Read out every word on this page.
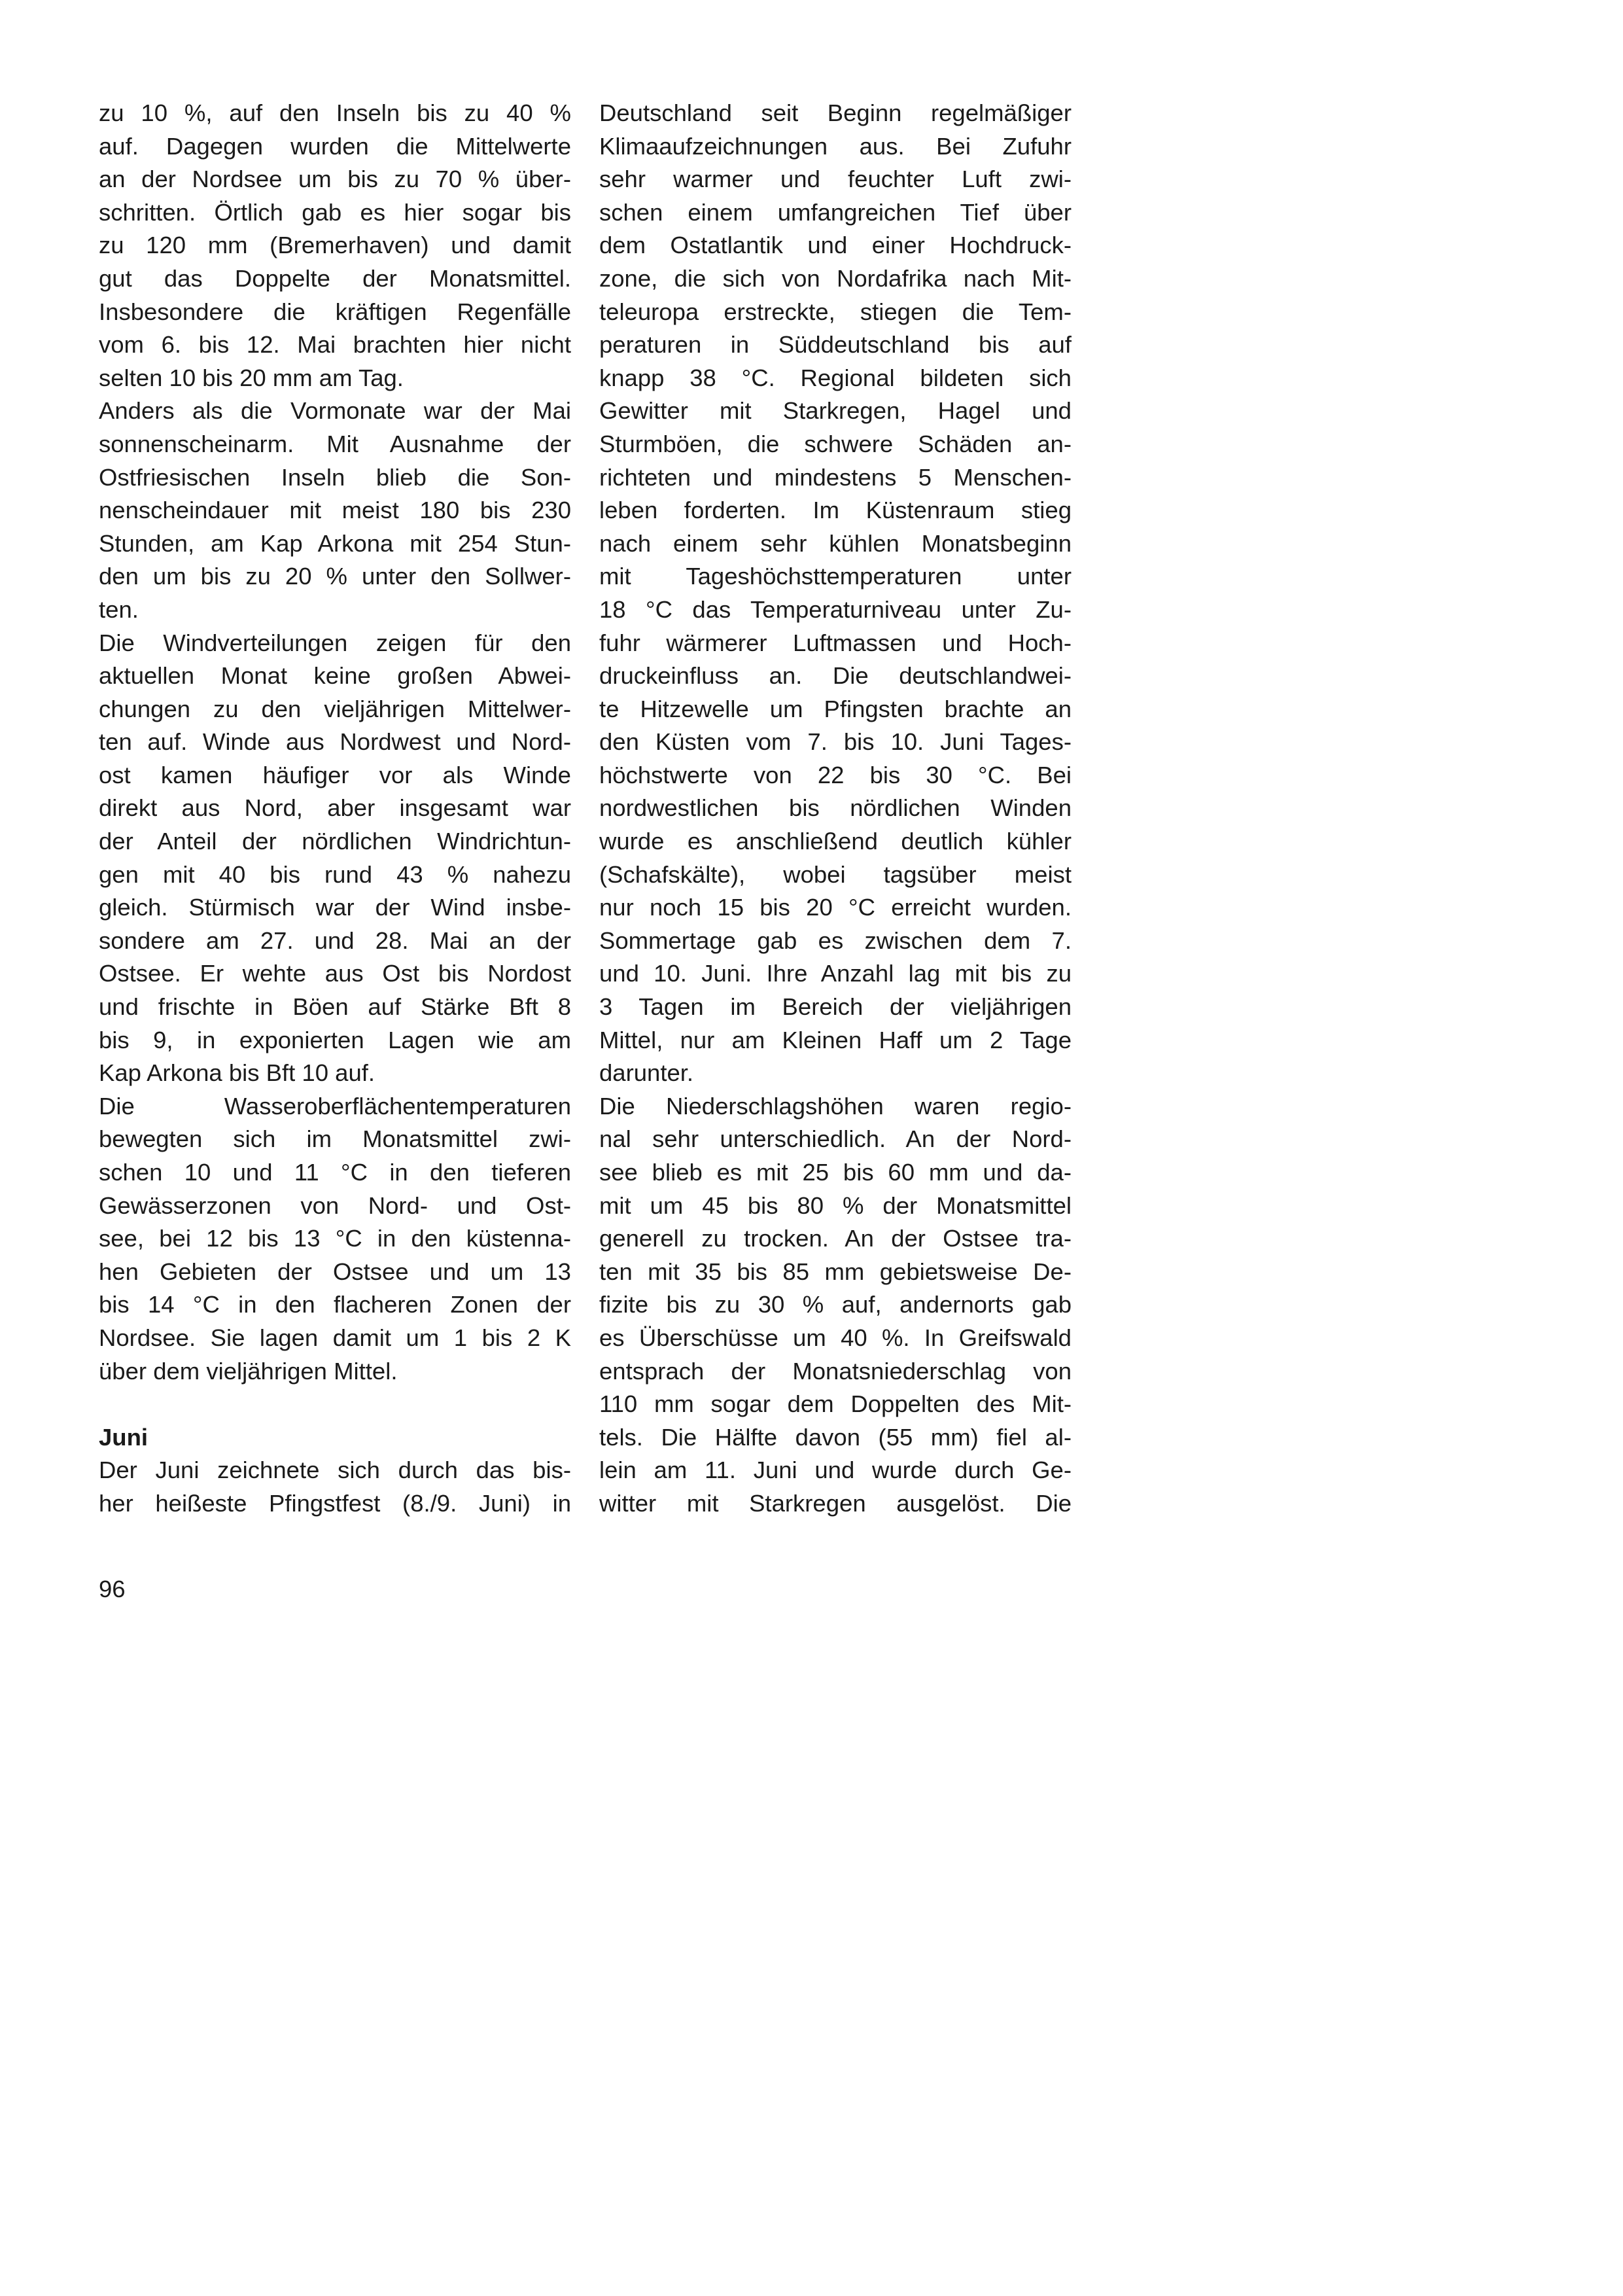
zu 10 %, auf den Inseln bis zu 40 %
auf. Dagegen wurden die Mittelwerte
an der Nordsee um bis zu 70 % über-
schritten. Örtlich gab es hier sogar bis
zu 120 mm (Bremerhaven) und damit
gut das Doppelte der Monatsmittel.
Insbesondere die kräftigen Regenfälle
vom 6. bis 12. Mai brachten hier nicht
selten 10 bis 20 mm am Tag.
Anders als die Vormonate war der Mai
sonnenscheinarm. Mit Ausnahme der
Ostfriesischen Inseln blieb die Son-
nenscheindauer mit meist 180 bis 230
Stunden, am Kap Arkona mit 254 Stun-
den um bis zu 20 % unter den Sollwer-
ten.
Die Windverteilungen zeigen für den
aktuellen Monat keine großen Abwei-
chungen zu den vieljährigen Mittelwer-
ten auf. Winde aus Nordwest und Nord-
ost kamen häufiger vor als Winde
direkt aus Nord, aber insgesamt war
der Anteil der nördlichen Windrichtun-
gen mit 40 bis rund 43 % nahezu
gleich. Stürmisch war der Wind insbe-
sondere am 27. und 28. Mai an der
Ostsee. Er wehte aus Ost bis Nordost
und frischte in Böen auf Stärke Bft 8
bis 9, in exponierten Lagen wie am
Kap Arkona bis Bft 10 auf.
Die Wasseroberflächentemperaturen
bewegten sich im Monatsmittel zwi-
schen 10 und 11 °C in den tieferen
Gewässerzonen von Nord- und Ost-
see, bei 12 bis 13 °C in den küstenna-
hen Gebieten der Ostsee und um 13
bis 14 °C in den flacheren Zonen der
Nordsee. Sie lagen damit um 1 bis 2 K
über dem vieljährigen Mittel.
Juni
Der Juni zeichnete sich durch das bis-
her heißeste Pfingstfest (8./9. Juni) in
Deutschland seit Beginn regelmäßiger
Klimaaufzeichnungen aus. Bei Zufuhr
sehr warmer und feuchter Luft zwi-
schen einem umfangreichen Tief über
dem Ostatlantik und einer Hochdruck-
zone, die sich von Nordafrika nach Mit-
teleuropa erstreckte, stiegen die Tem-
peraturen in Süddeutschland bis auf
knapp 38 °C. Regional bildeten sich
Gewitter mit Starkregen, Hagel und
Sturmböen, die schwere Schäden an-
richteten und mindestens 5 Menschen-
leben forderten. Im Küstenraum stieg
nach einem sehr kühlen Monatsbeginn
mit Tageshöchsttemperaturen unter
18 °C das Temperaturniveau unter Zu-
fuhr wärmerer Luftmassen und Hoch-
druckeinfluss an. Die deutschlandwei-
te Hitzewelle um Pfingsten brachte an
den Küsten vom 7. bis 10. Juni Tages-
höchstwerte von 22 bis 30 °C. Bei
nordwestlichen bis nördlichen Winden
wurde es anschließend deutlich kühler
(Schafskälte), wobei tagsüber meist
nur noch 15 bis 20 °C erreicht wurden.
Sommertage gab es zwischen dem 7.
und 10. Juni. Ihre Anzahl lag mit bis zu
3 Tagen im Bereich der vieljährigen
Mittel, nur am Kleinen Haff um 2 Tage
darunter.
Die Niederschlagshöhen waren regio-
nal sehr unterschiedlich. An der Nord-
see blieb es mit 25 bis 60 mm und da-
mit um 45 bis 80 % der Monatsmittel
generell zu trocken. An der Ostsee tra-
ten mit 35 bis 85 mm gebietsweise De-
fizite bis zu 30 % auf, andernorts gab
es Überschüsse um 40 %. In Greifswald
entsprach der Monatsniederschlag von
110 mm sogar dem Doppelten des Mit-
tels. Die Hälfte davon (55 mm) fiel al-
lein am 11. Juni und wurde durch Ge-
witter mit Starkregen ausgelöst. Die
96
